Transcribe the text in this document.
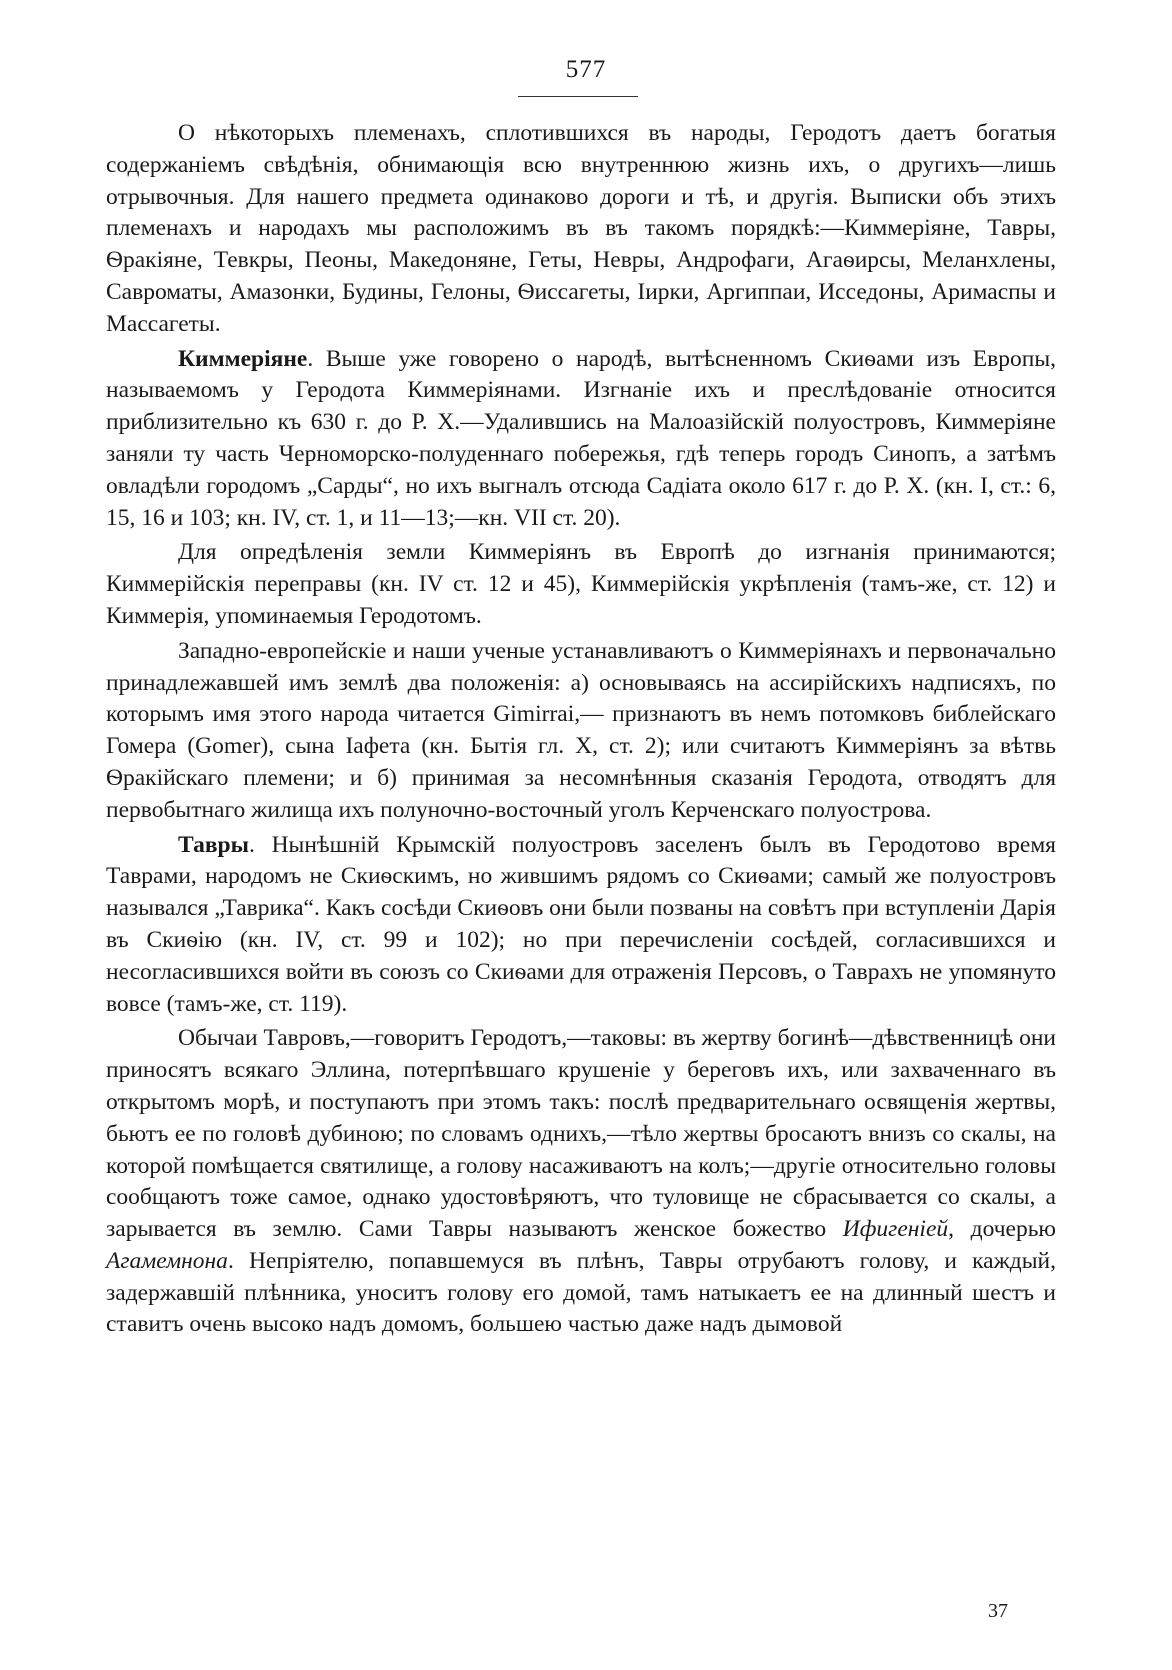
577

О нѣкоторыхъ племенахъ, сплотившихся въ народы, Геродотъ даетъ богатыя содержаніемъ свѣдѣнія, обнимающія всю внутреннюю жизнь ихъ, о другихъ—лишь отрывочныя. Для нашего предмета одинаково дороги и тѣ, и другія. Выписки объ этихъ племенахъ и народахъ мы расположимъ въ въ такомъ порядкѣ:—Киммеріяне, Тавры, Ѳракіяне, Тевкры, Пеоны, Македоняне, Геты, Невры, Андрофаги, Агаѳирсы, Меланхлены, Савроматы, Амазонки, Будины, Гелоны, Ѳиссагеты, Іирки, Аргиппаи, Исседоны, Аримаспы и Массагеты.

Киммеріяне. Выше уже говорено о народѣ, вытѣсненномъ Скиѳами изъ Европы, называемомъ у Геродота Киммеріянами. Изгнаніе ихъ и преслѣдованіе относится приблизительно къ 630 г. до Р. Х.—Удалившись на Малоазійскій полуостровъ, Киммеріяне заняли ту часть Черноморско-полуденнаго побережья, гдѣ теперь городъ Синопъ, а затѣмъ овладѣли городомъ „Сарды“, но ихъ выгналъ отсюда Садіата около 617 г. до Р. Х. (кн. I, ст.: 6, 15, 16 и 103; кн. IV, ст. 1, и 11—13;—кн. VII ст. 20).

Для опредѣленія земли Киммеріянъ въ Европѣ до изгнанія принимаются; Киммерійскія переправы (кн. IV ст. 12 и 45), Киммерійскія укрѣпленія (тамъ-же, ст. 12) и Киммерія, упоминаемыя Геродотомъ.

Западно-европейскіе и наши ученые устанавливаютъ о Киммеріянахъ и первоначально принадлежавшей имъ землѣ два положенія: а) основываясь на ассирійскихъ надписяхъ, по которымъ имя этого народа читается Gimirrai,— признаютъ въ немъ потомковъ библейскаго Гомера (Gomer), сына Іафета (кн. Бытія гл. X, ст. 2); или считаютъ Киммеріянъ за вѣтвь Ѳракійскаго племени; и б) принимая за несомнѣнныя сказанія Геродота, отводятъ для первобытнаго жилища ихъ полуночно-восточный уголъ Керченскаго полуострова.

Тавры. Нынѣшній Крымскій полуостровъ заселенъ былъ въ Геродотово время Таврами, народомъ не Скиѳскимъ, но жившимъ рядомъ со Скиѳами; самый же полуостровъ назывался „Таврика“. Какъ сосѣди Скиѳовъ они были позваны на совѣтъ при вступленіи Дарія въ Скиѳію (кн. IV, ст. 99 и 102); но при перечисленіи сосѣдей, согласившихся и несогласившихся войти въ союзъ со Скиѳами для отраженія Персовъ, о Таврахъ не упомянуто вовсе (тамъ-же, ст. 119).

Обычаи Тавровъ,—говоритъ Геродотъ,—таковы: въ жертву богинѣ—дѣвственницѣ они приносятъ всякаго Эллина, потерпѣвшаго крушеніе у береговъ ихъ, или захваченнаго въ открытомъ морѣ, и поступаютъ при этомъ такъ: послѣ предварительнаго освященія жертвы, бьютъ ее по головѣ дубиною; по словамъ однихъ,—тѣло жертвы бросаютъ внизъ со скалы, на которой помѣщается святилище, а голову насаживаютъ на колъ;—другіе относительно головы сообщаютъ тоже самое, однако удостовѣряютъ, что туловище не сбрасывается со скалы, а зарывается въ землю. Сами Тавры называютъ женское божество Ифигеніей, дочерью Агамемнона. Непріятелю, попавшемуся въ плѣнъ, Тавры отрубаютъ голову, и каждый, задержавшій плѣнника, уноситъ голову его домой, тамъ натыкаетъ ее на длинный шестъ и ставитъ очень высоко надъ домомъ, большею частью даже надъ дымовой

37
